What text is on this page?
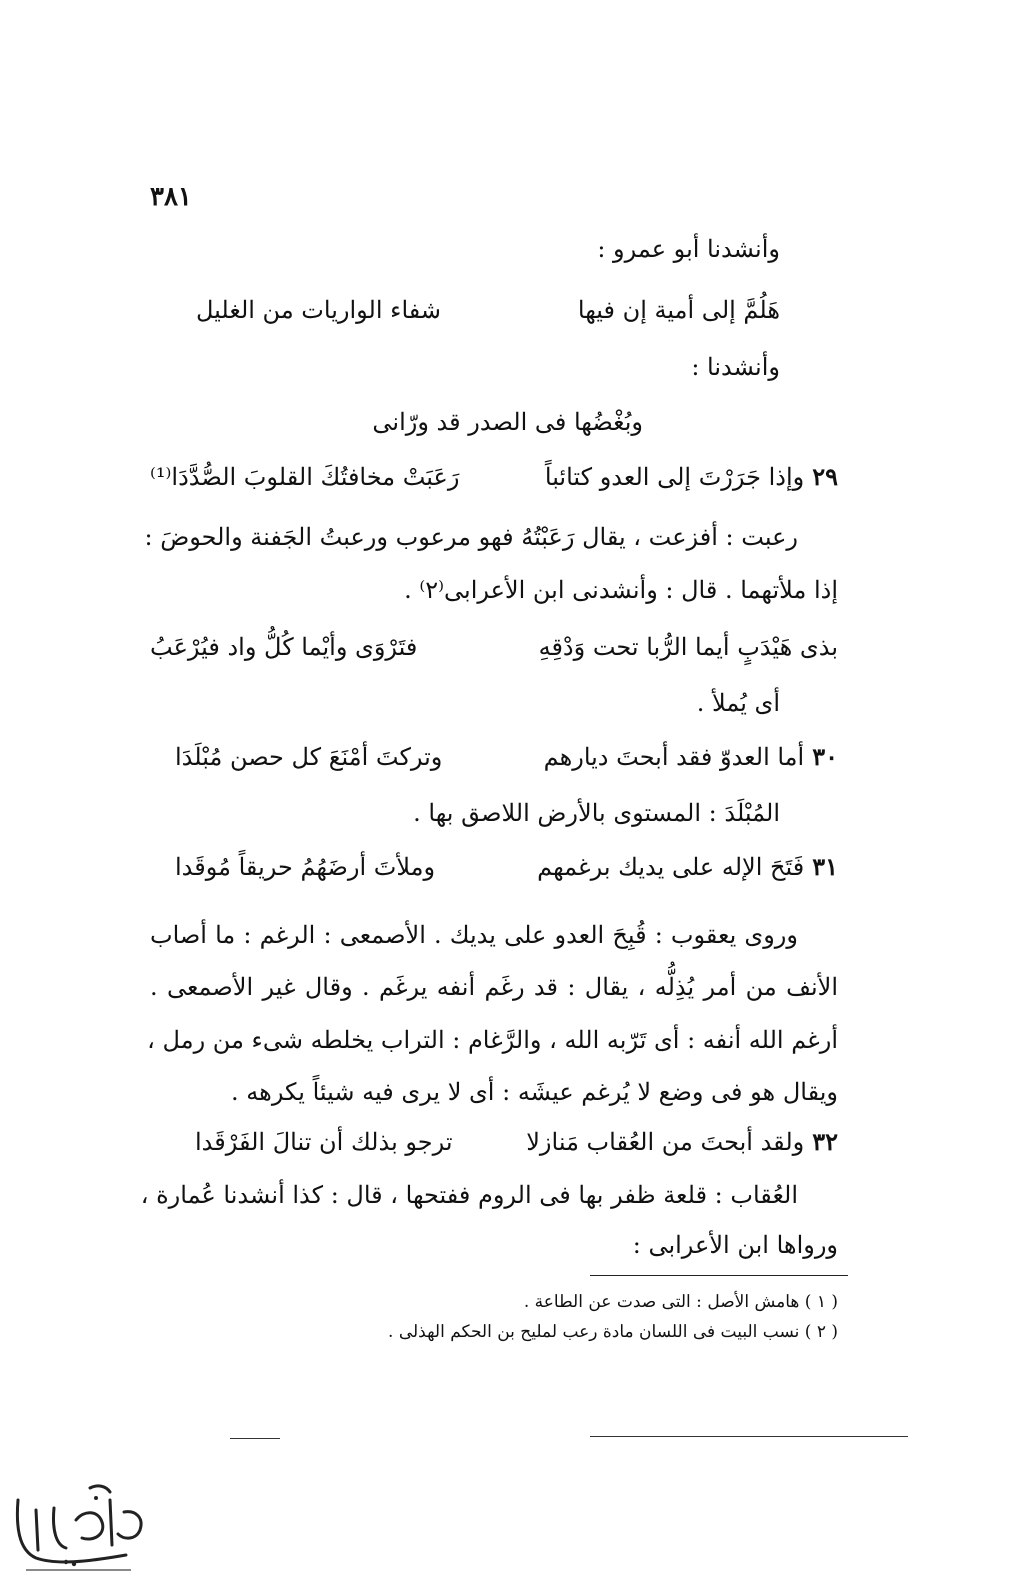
٣٨١
وأنشدنا أبو عمرو :
هَلُمَّ إلى أمية إن فيها
شفاء الواريات من الغليل
وأنشدنا :
وبُغْضُها فى الصدر قد ورّانى
٢٩وإذا جَرَرْتَ إلى العدو كتائباً
رَعَبَتْ مخافتُكَ القلوبَ الصُّدَّدَا⁽¹⁾
رعبت : أفزعت ، يقال رَعَبْتُهُ فهو مرعوب ورعبتُ الجَفنة والحوضَ :
إذا ملأتهما . قال : وأنشدنى ابن الأعرابى⁽٢⁾ .
بذى هَيْدَبٍ أيما الرُّبا تحت وَدْقِهِ
فتَرْوَى وأيْما كُلُّ واد فيُرْعَبُ
أى يُملأ .
٣٠أما العدوّ فقد أبحتَ ديارهم
وتركتَ أمْنَعَ كل حصن مُبْلَدَا
المُبْلَدَ : المستوى بالأرض اللاصق بها .
٣١فَتَحَ الإله على يديك برغمهم
وملأتَ أرضَهُمُ حريقاً مُوقَدا
وروى يعقوب : قُبِحَ العدو على يديك . الأصمعى : الرغم : ما أصاب
الأنف من أمر يُذِلُّه ، يقال : قد رغَم أنفه يرغَم . وقال غير الأصمعى .
أرغم الله أنفه : أى تَرّبه الله ، والرَّغام : التراب يخلطه شىء من رمل ،
ويقال هو فى وضع لا يُرغم عيشَه : أى لا يرى فيه شيئاً يكرهه .
٣٢ولقد أبحتَ من العُقاب مَنازلا
ترجو بذلك أن تنالَ الفَرْقَدا
العُقاب : قلعة ظفر بها فى الروم ففتحها ، قال : كذا أنشدنا عُمارة ،
ورواها ابن الأعرابى :
( ١ ) هامش الأصل : التى صدت عن الطاعة .
( ٢ ) نسب البيت فى اللسان مادة رعب لمليح بن الحكم الهذلى .
